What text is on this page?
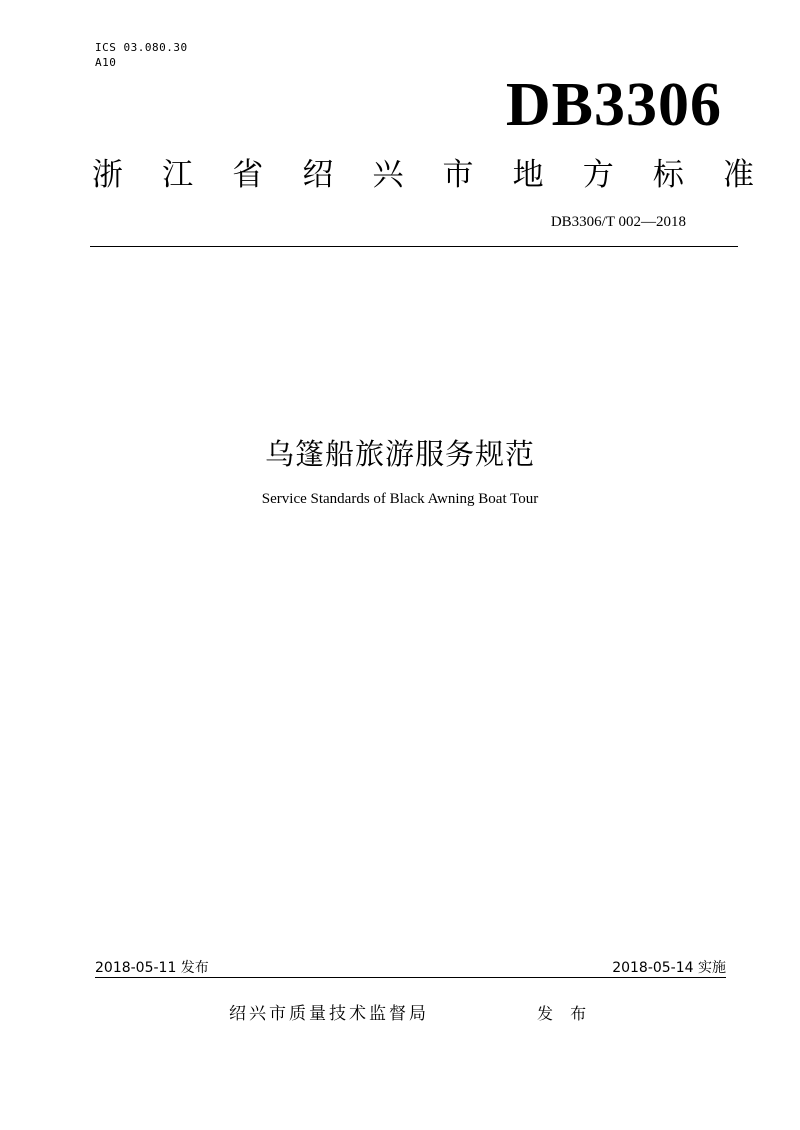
ICS 03.080.30
A10
DB3306
浙 江 省 绍 兴 市 地 方 标 准
DB3306/T 002—2018
乌篷船旅游服务规范
Service Standards of Black Awning Boat Tour
2018-05-11 发布	2018-05-14 实施
绍兴市质量技术监督局	发 布
